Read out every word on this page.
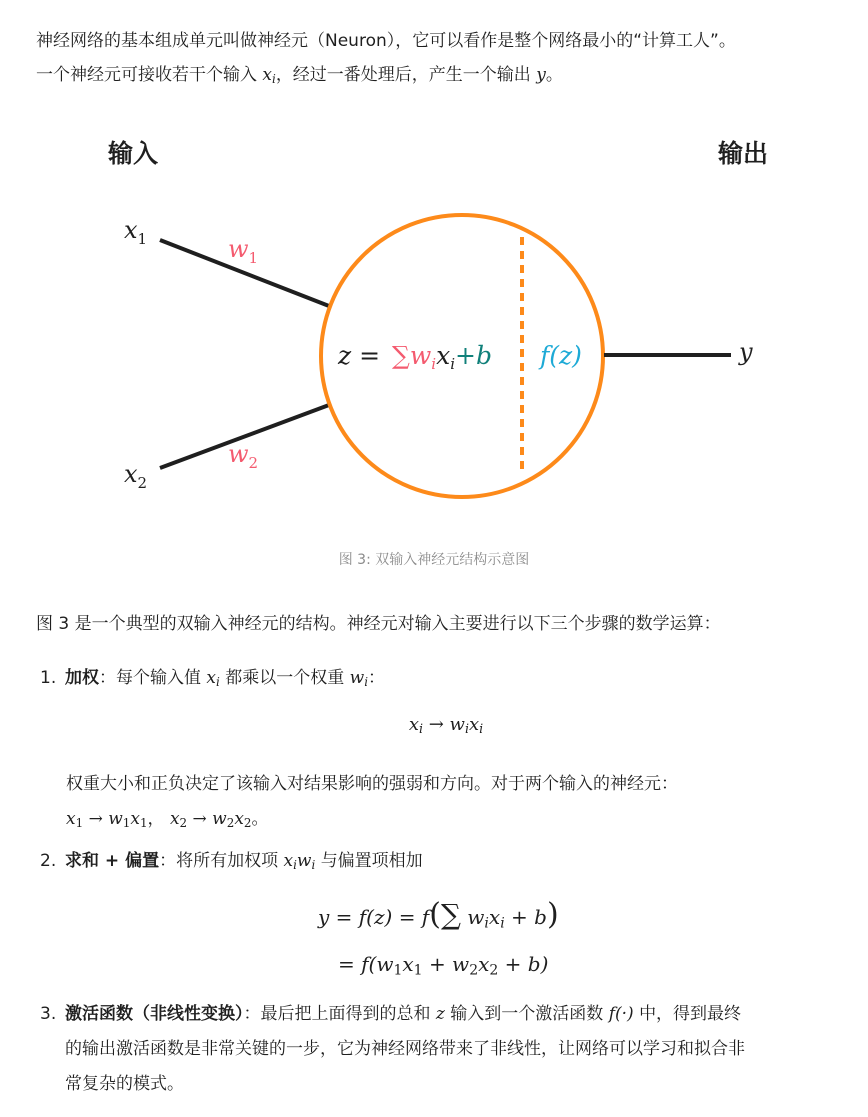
神经网络的基本组成单元叫做神经元（Neuron），它可以看作是整个网络最小的“计算工人”。

一个神经元可接收若干个输入 $x_i$，经过一番处理后，产生一个输出 y。

输入	输出
$x_1$
$x_2$
$w_1$
$w_2$
$z = \sum w_ix_i+b$ f(z)	y
图 3: 双输入神经元结构示意图
图 3 是一个典型的双输入神经元的结构。神经元对输入主要进行以下三个步骤的数学运算：
1. 加权：每个输入值 $x_i$ 都乘以一个权重 $w_i$：
$x_i \to w_ix_i$
权重大小和正负决定了该输入对结果影响的强弱和方向。对于两个输入的神经元：
x1 → w1x1， x2 → w2x2。
2. 求和 + 偏置：将所有加权项 $x_iw_i$ 与偏置项相加
y = f(z) = f(∑ $w_ix_i + b$)
= f(w1x1 + w2x2 + b)
3. 激活函数（非线性变换）：最后把上面得到的总和 z 输入到一个激活函数 f(·) 中，得到最终
的输出激活函数是非常关键的一步，它为神经网络带来了非线性，让网络可以学习和拟合非
常复杂的模式。
